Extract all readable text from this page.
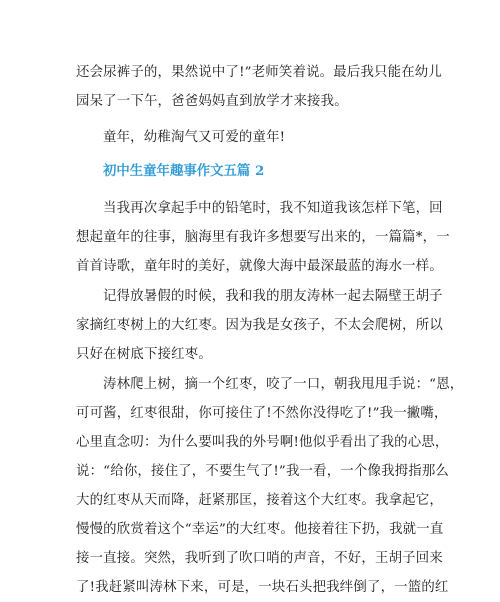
还会尿裤子的，果然说中了!”老师笑着说。最后我只能在幼儿
园呆了一下午，爸爸妈妈直到放学才来接我。

童年，幼稚淘气又可爱的童年!

初中生童年趣事作文五篇 2

当我再次拿起手中的铅笔时，我不知道我该怎样下笔，回
想起童年的往事，脑海里有我许多想要写出来的，一篇篇*，一
首首诗歌，童年时的美好，就像大海中最深最蓝的海水一样。

记得放暑假的时候，我和我的朋友涛林一起去隔壁王胡子
家摘红枣树上的大红枣。因为我是女孩子，不太会爬树，所以
只好在树底下接红枣。

涛林爬上树，摘一个红枣，咬了一口，朝我甩甩手说：“恩，
可可酱，红枣很甜，你可接住了!不然你没得吃了!”我一撇嘴，
心里直念叨：为什么要叫我的外号啊!他似乎看出了我的心思，
说：“给你，接住了，不要生气了!”我一看，一个像我拇指那么
大的红枣从天而降，赶紧那匡，接着这个大红枣。我拿起它，
慢慢的欣赏着这个“幸运”的大红枣。他接着往下扔，我就一直
接一直接。突然，我听到了吹口哨的声音，不好，王胡子回来
了!我赶紧叫涛林下来，可是，一块石头把我绊倒了，一篮的红
